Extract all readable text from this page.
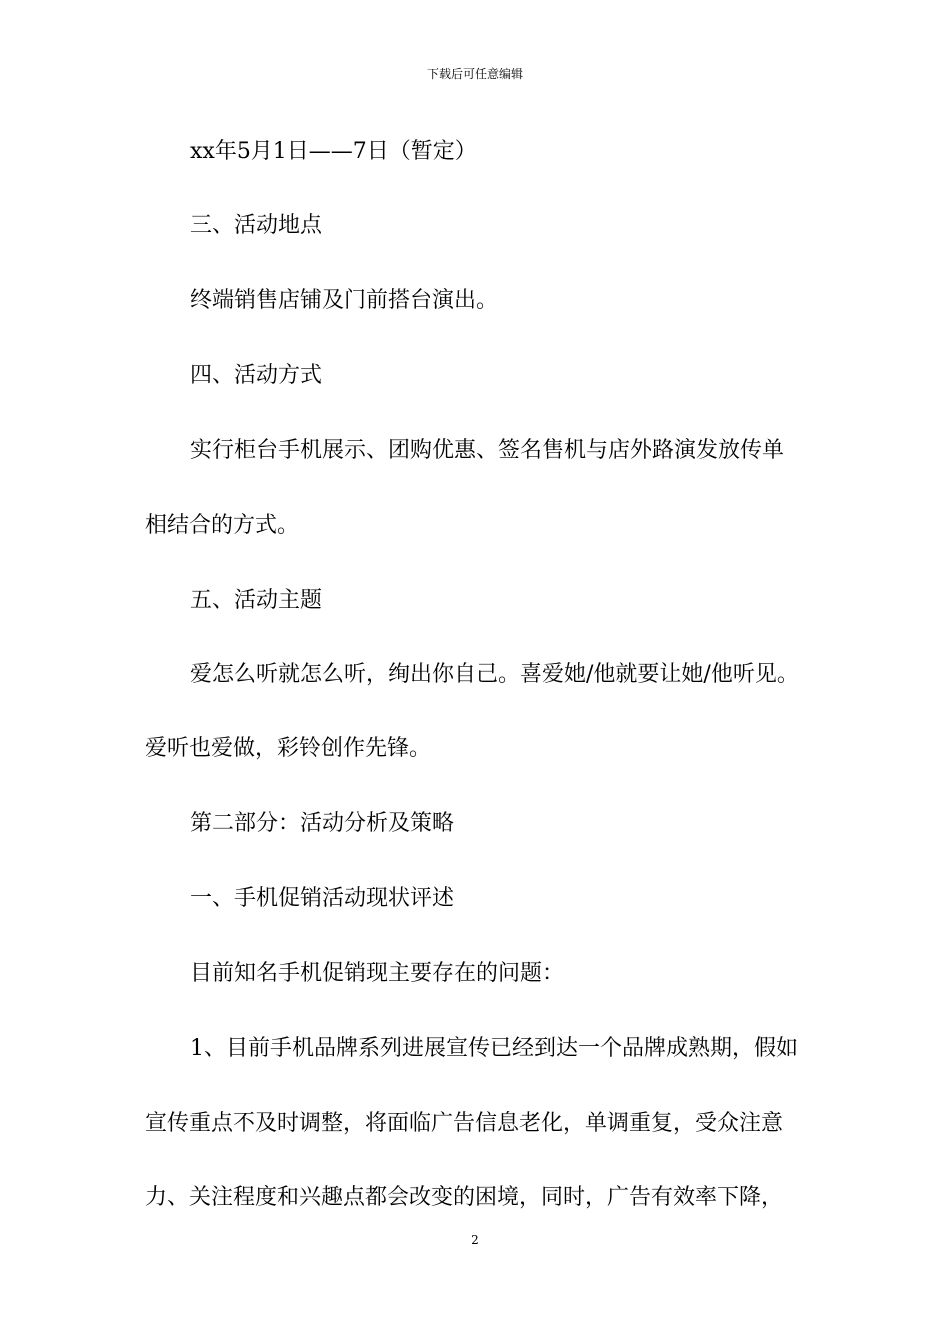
下载后可任意编辑
xx年5月1日——7日（暂定）
三、活动地点
终端销售店铺及门前搭台演出。
四、活动方式
实行柜台手机展示、团购优惠、签名售机与店外路演发放传单
相结合的方式。
五、活动主题
爱怎么听就怎么听，绚出你自己。喜爱她/他就要让她/他听见。
爱听也爱做，彩铃创作先锋。
第二部分：活动分析及策略
一、手机促销活动现状评述
目前知名手机促销现主要存在的问题：
1、目前手机品牌系列进展宣传已经到达一个品牌成熟期，假如
宣传重点不及时调整，将面临广告信息老化，单调重复，受众注意
力、关注程度和兴趣点都会改变的困境，同时，广告有效率下降，
2
